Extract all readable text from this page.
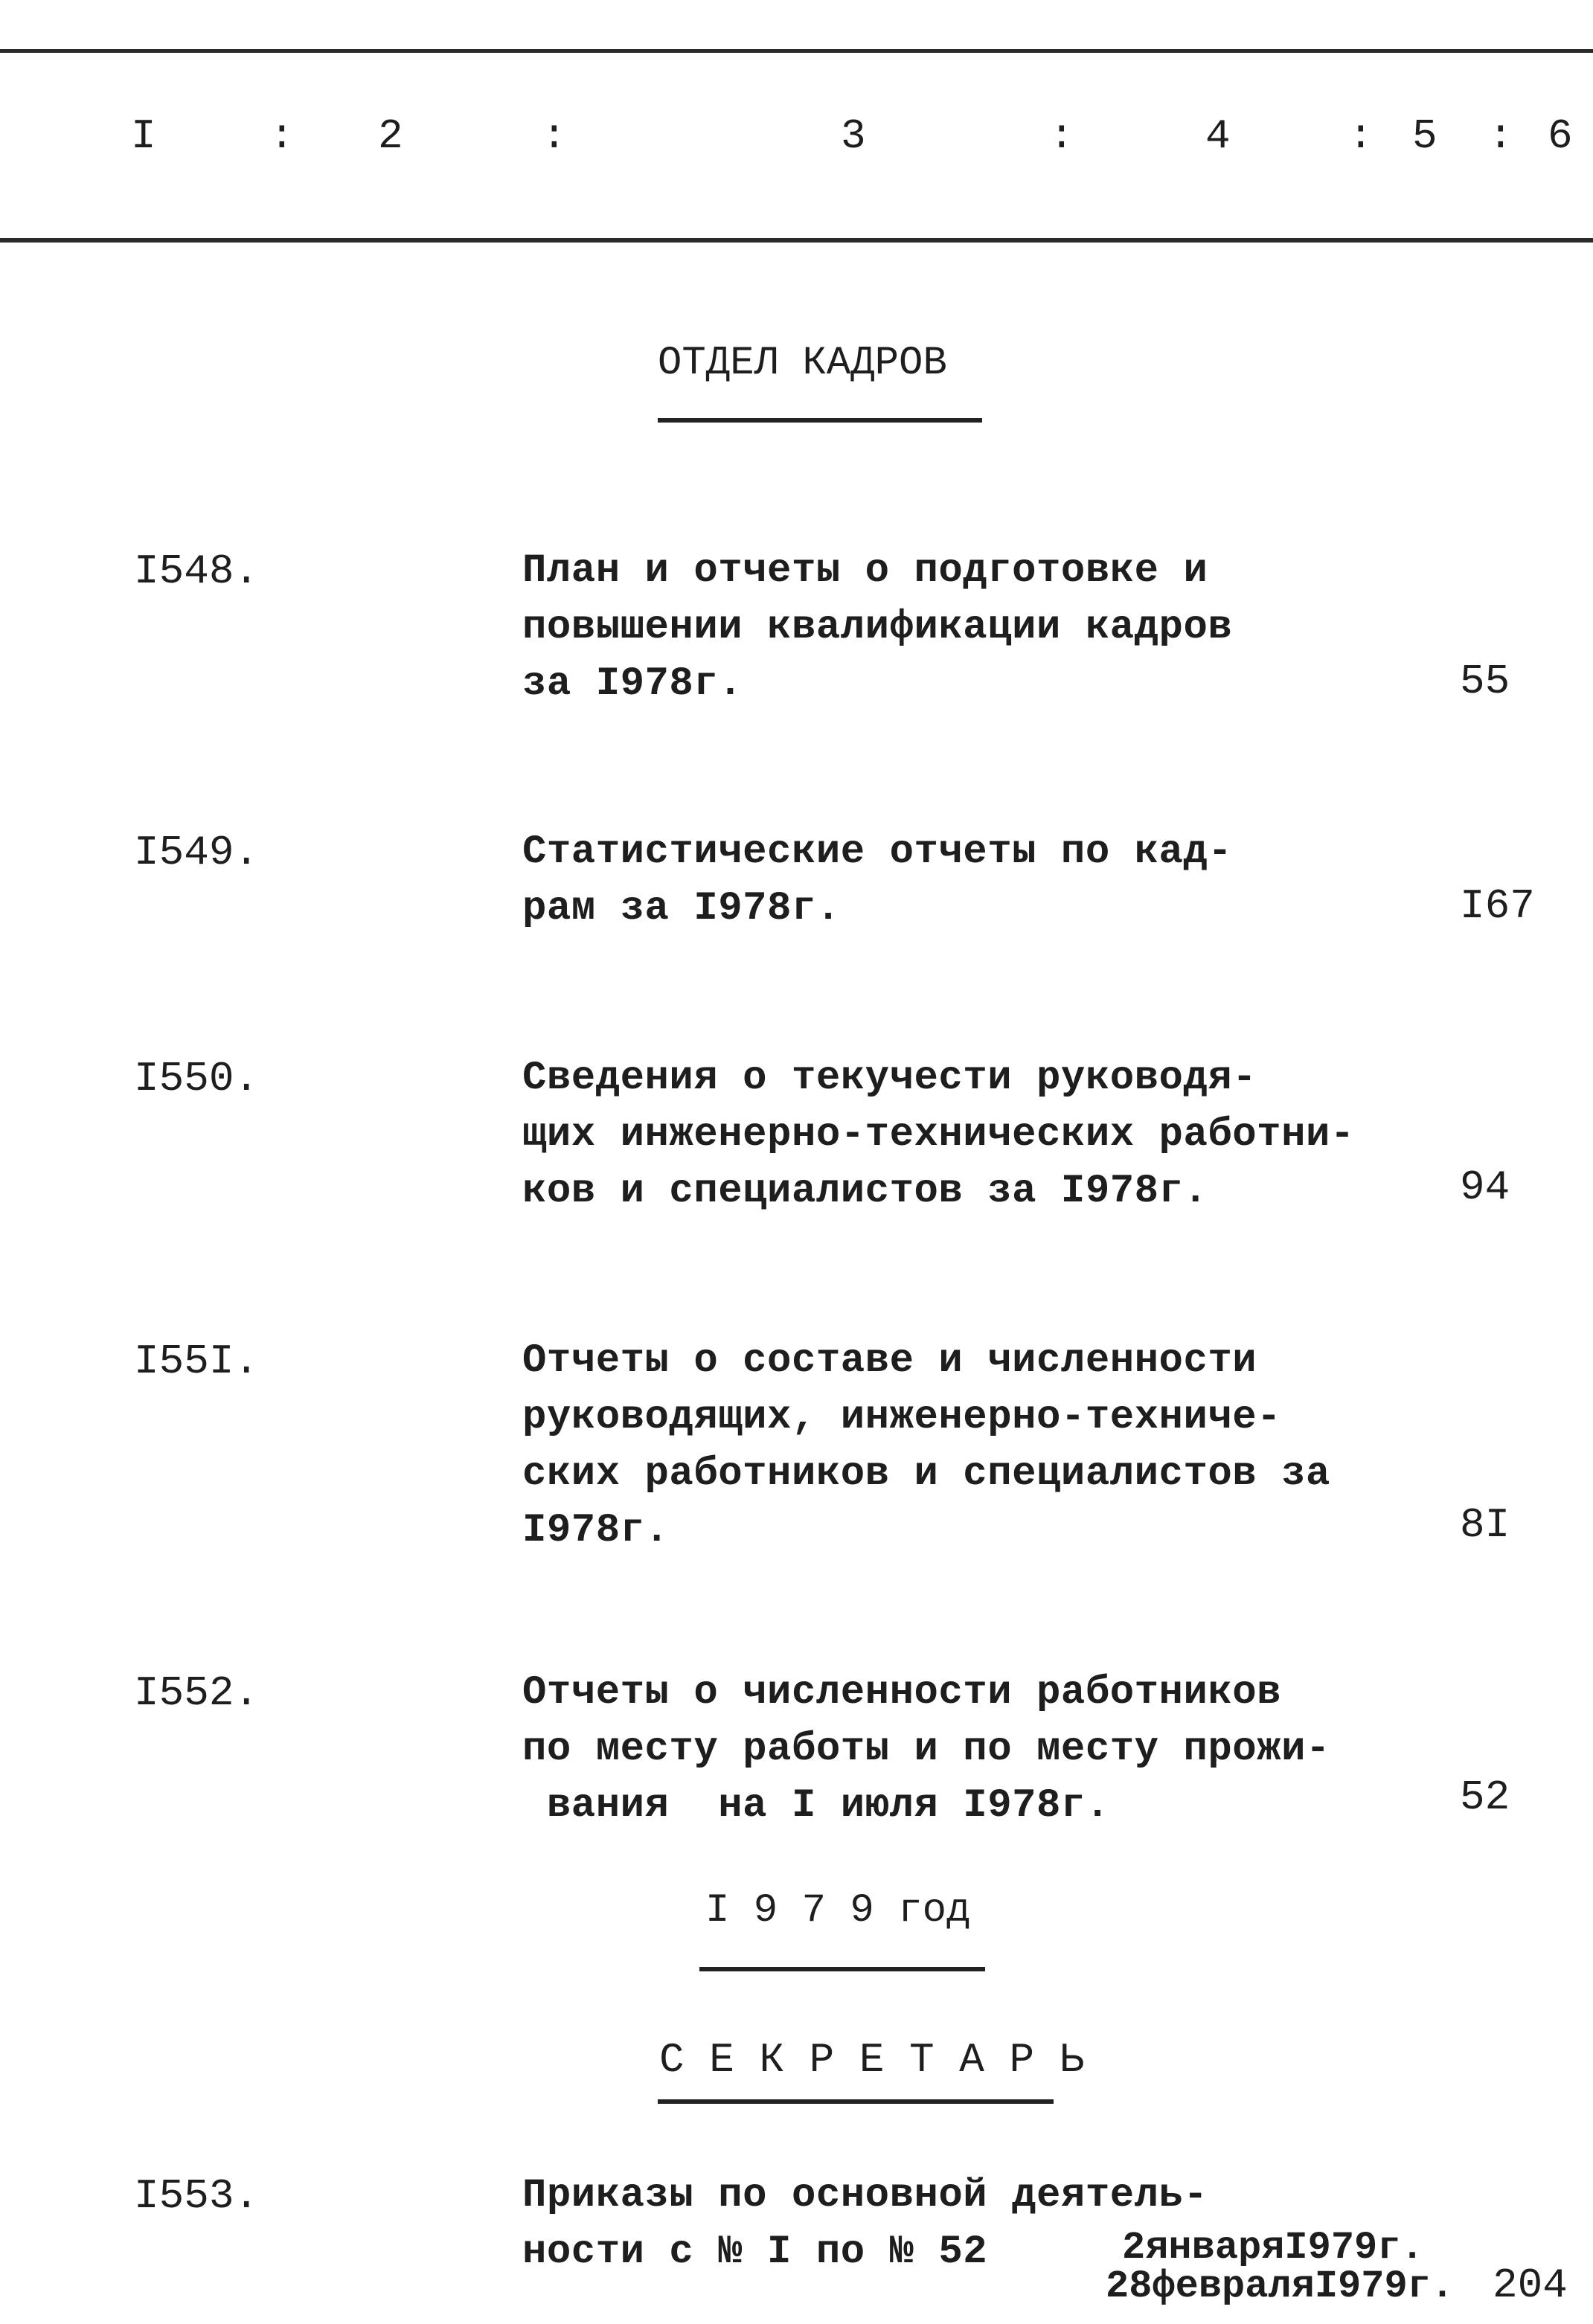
I	: 2	:	3	:	4	: 5 : 6
ОТДЕЛ КАДРОВ
I548.	План и отчеты о подготовке и
повышении квалификации кадров
за I978г.	55
I549.	Статистические отчеты по кад-
рам за I978г.	I67
I550.	Сведения о текучести руководя-
щих инженерно-технических работни-
ков и специалистов за I978г.	94
I55I.	Отчеты о составе и численности
руководящих, инженерно-техниче-
ских работников и специалистов за
I978г.	8I
I552.	Отчеты о численности работников
по месту работы и по месту прожи-
вания  на I июля I978г.	52
I 9 7 9 год
С Е К Р Е Т А Р Ь
I553.	Приказы по основной деятель-
ности с № I по № 52	2январяI979г.
28февраляI979г. 204
